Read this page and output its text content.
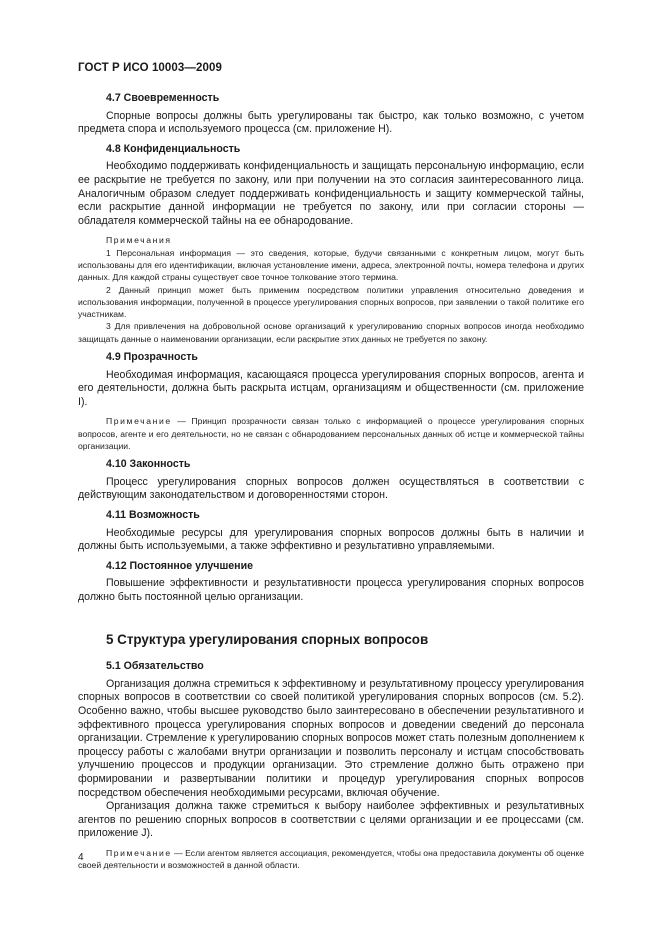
ГОСТ Р ИСО 10003—2009
4.7 Своевременность

Спорные вопросы должны быть урегулированы так быстро, как только возможно, с учетом предмета спора и используемого процесса (см. приложение H).

4.8 Конфиденциальность

Необходимо поддерживать конфиденциальность и защищать персональную информацию, если ее раскрытие не требуется по закону, или при получении на это согласия заинтересованного лица. Аналогичным образом следует поддерживать конфиденциальность и защиту коммерческой тайны, если раскрытие данной информации не требуется по закону, или при согласии стороны — обладателя коммерческой тайны на ее обнародование.

Примечания

1 Персональная информация — это сведения, которые, будучи связанными с конкретным лицом, могут быть использованы для его идентификации, включая установление имени, адреса, электронной почты, номера телефона и других данных. Для каждой страны существует свое точное толкование этого термина.

2 Данный принцип может быть применим посредством политики управления относительно доведения и использования информации, полученной в процессе урегулирования спорных вопросов, при заявлении о такой политике его участникам.

3 Для привлечения на добровольной основе организаций к урегулированию спорных вопросов иногда необходимо защищать данные о наименовании организации, если раскрытие этих данных не требуется по закону.

4.9 Прозрачность

Необходимая информация, касающаяся процесса урегулирования спорных вопросов, агента и его деятельности, должна быть раскрыта истцам, организациям и общественности (см. приложение I).

Примечание — Принцип прозрачности связан только с информацией о процессе урегулирования спорных вопросов, агенте и его деятельности, но не связан с обнародованием персональных данных об истце и коммерческой тайны организации.

4.10 Законность

Процесс урегулирования спорных вопросов должен осуществляться в соответствии с действующим законодательством и договоренностями сторон.

4.11 Возможность

Необходимые ресурсы для урегулирования спорных вопросов должны быть в наличии и должны быть используемыми, а также эффективно и результативно управляемыми.

4.12 Постоянное улучшение

Повышение эффективности и результативности процесса урегулирования спорных вопросов должно быть постоянной целью организации.

5 Структура урегулирования спорных вопросов
5.1 Обязательство

Организация должна стремиться к эффективному и результативному процессу урегулирования спорных вопросов в соответствии со своей политикой урегулирования спорных вопросов (см. 5.2). Особенно важно, чтобы высшее руководство было заинтересовано в обеспечении результативного и эффективного процесса урегулирования спорных вопросов и доведении сведений до персонала организации. Стремление к урегулированию спорных вопросов может стать полезным дополнением к процессу работы с жалобами внутри организации и позволить персоналу и истцам способствовать улучшению процессов и продукции организации. Это стремление должно быть отражено при формировании и развертывании политики и процедур урегулирования спорных вопросов посредством обеспечения необходимыми ресурсами, включая обучение.

Организация должна также стремиться к выбору наиболее эффективных и результативных агентов по решению спорных вопросов в соответствии с целями организации и ее процессами (см. приложение J).

Примечание — Если агентом является ассоциация, рекомендуется, чтобы она предоставила документы об оценке своей деятельности и возможностей в данной области.

4
